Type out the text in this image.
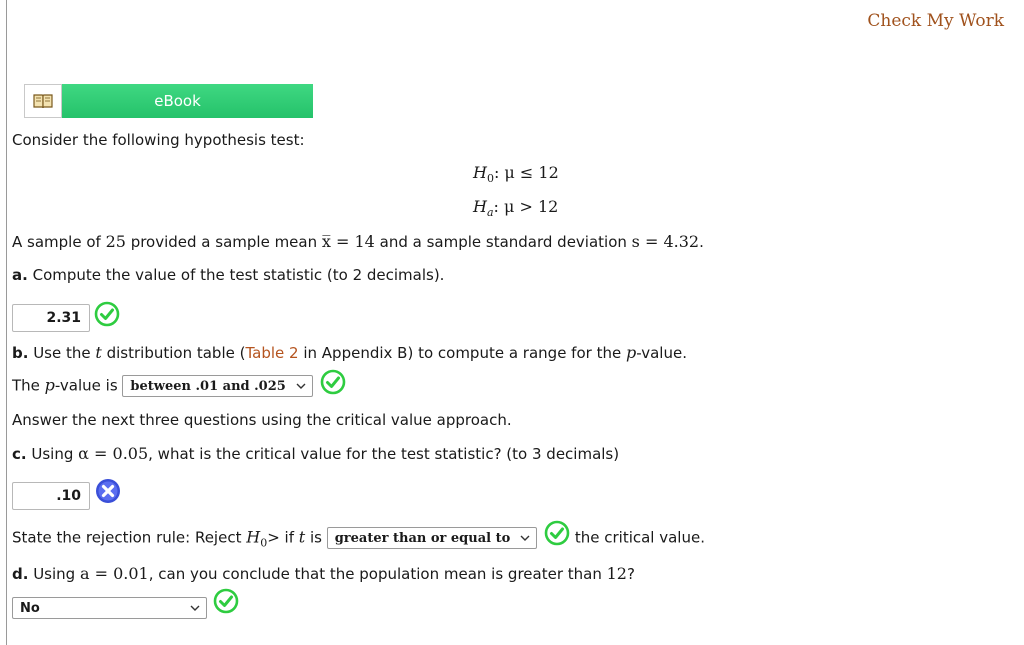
Check My Work
eBook
Consider the following hypothesis test:
$H_0$: μ ≤ 12
$H_a$: μ > 12
A sample of 25 provided a sample mean x̅ = 14 and a sample standard deviation s = 4.32.
a. Compute the value of the test statistic (to 2 decimals).
2.31
b. Use the t distribution table (Table 2 in Appendix B) to compute a range for the p-value.
The p-value is between .01 and .025

Answer the next three questions using the critical value approach.
c. Using α = 0.05, what is the critical value for the test statistic? (to 3 decimals)
.10
State the rejection rule: Reject $H_0>$ if t is greater than or equal to	the critical value.
d. Using a = 0.01, can you conclude that the population mean is greater than 12?
No
